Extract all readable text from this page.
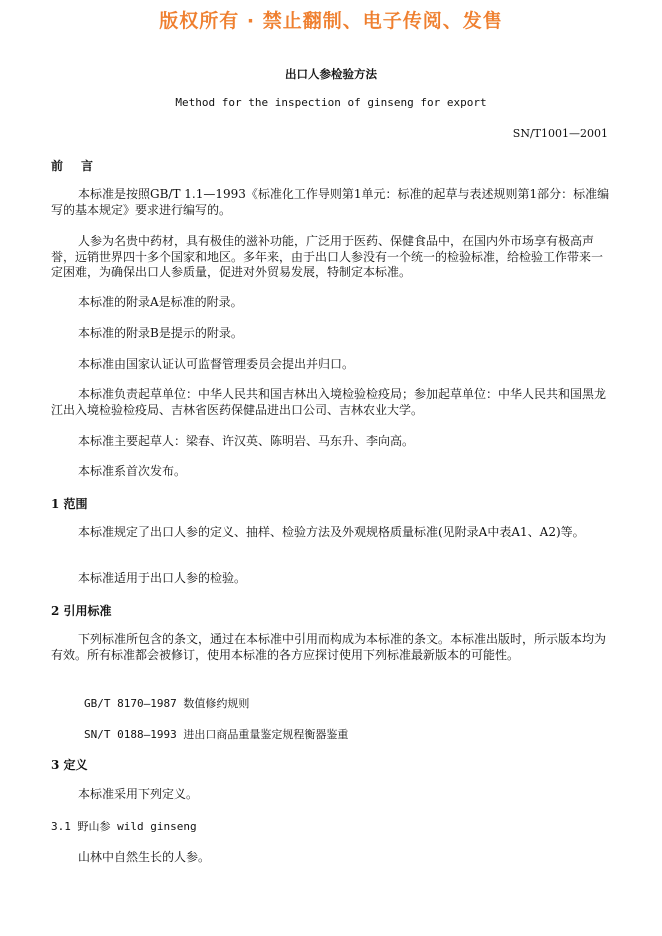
版权所有 · 禁止翻制、电子传阅、发售
出口人参检验方法
Method for the inspection of ginseng for export
SN/T1001—2001
前言
本标准是按照GB/T 1.1—1993《标准化工作导则第1单元：标准的起草与表述规则第1部分：标准编写的基本规定》要求进行编写的。
人参为名贵中药材，具有极佳的滋补功能，广泛用于医药、保健食品中，在国内外市场享有极高声誉，远销世界四十多个国家和地区。多年来，由于出口人参没有一个统一的检验标准，给检验工作带来一定困难，为确保出口人参质量，促进对外贸易发展，特制定本标准。
本标准的附录A是标准的附录。
本标准的附录B是提示的附录。
本标准由国家认证认可监督管理委员会提出并归口。
本标准负责起草单位：中华人民共和国吉林出入境检验检疫局；参加起草单位：中华人民共和国黑龙江出入境检验检疫局、吉林省医药保健品进出口公司、吉林农业大学。
本标准主要起草人：梁春、许汉英、陈明岩、马东升、李向高。
本标准系首次发布。
1 范围
本标准规定了出口人参的定义、抽样、检验方法及外观规格质量标准(见附录A中表A1、A2)等。
本标准适用于出口人参的检验。
2 引用标准
下列标准所包含的条文，通过在本标准中引用而构成为本标准的条文。本标准出版时，所示版本均为有效。所有标准都会被修订，使用本标准的各方应探讨使用下列标准最新版本的可能性。
GB/T 8170—1987 数值修约规则
SN/T 0188—1993 进出口商品重量鉴定规程衡器鉴重
3 定义
本标准采用下列定义。
3.1 野山参 wild ginseng
山林中自然生长的人参。
